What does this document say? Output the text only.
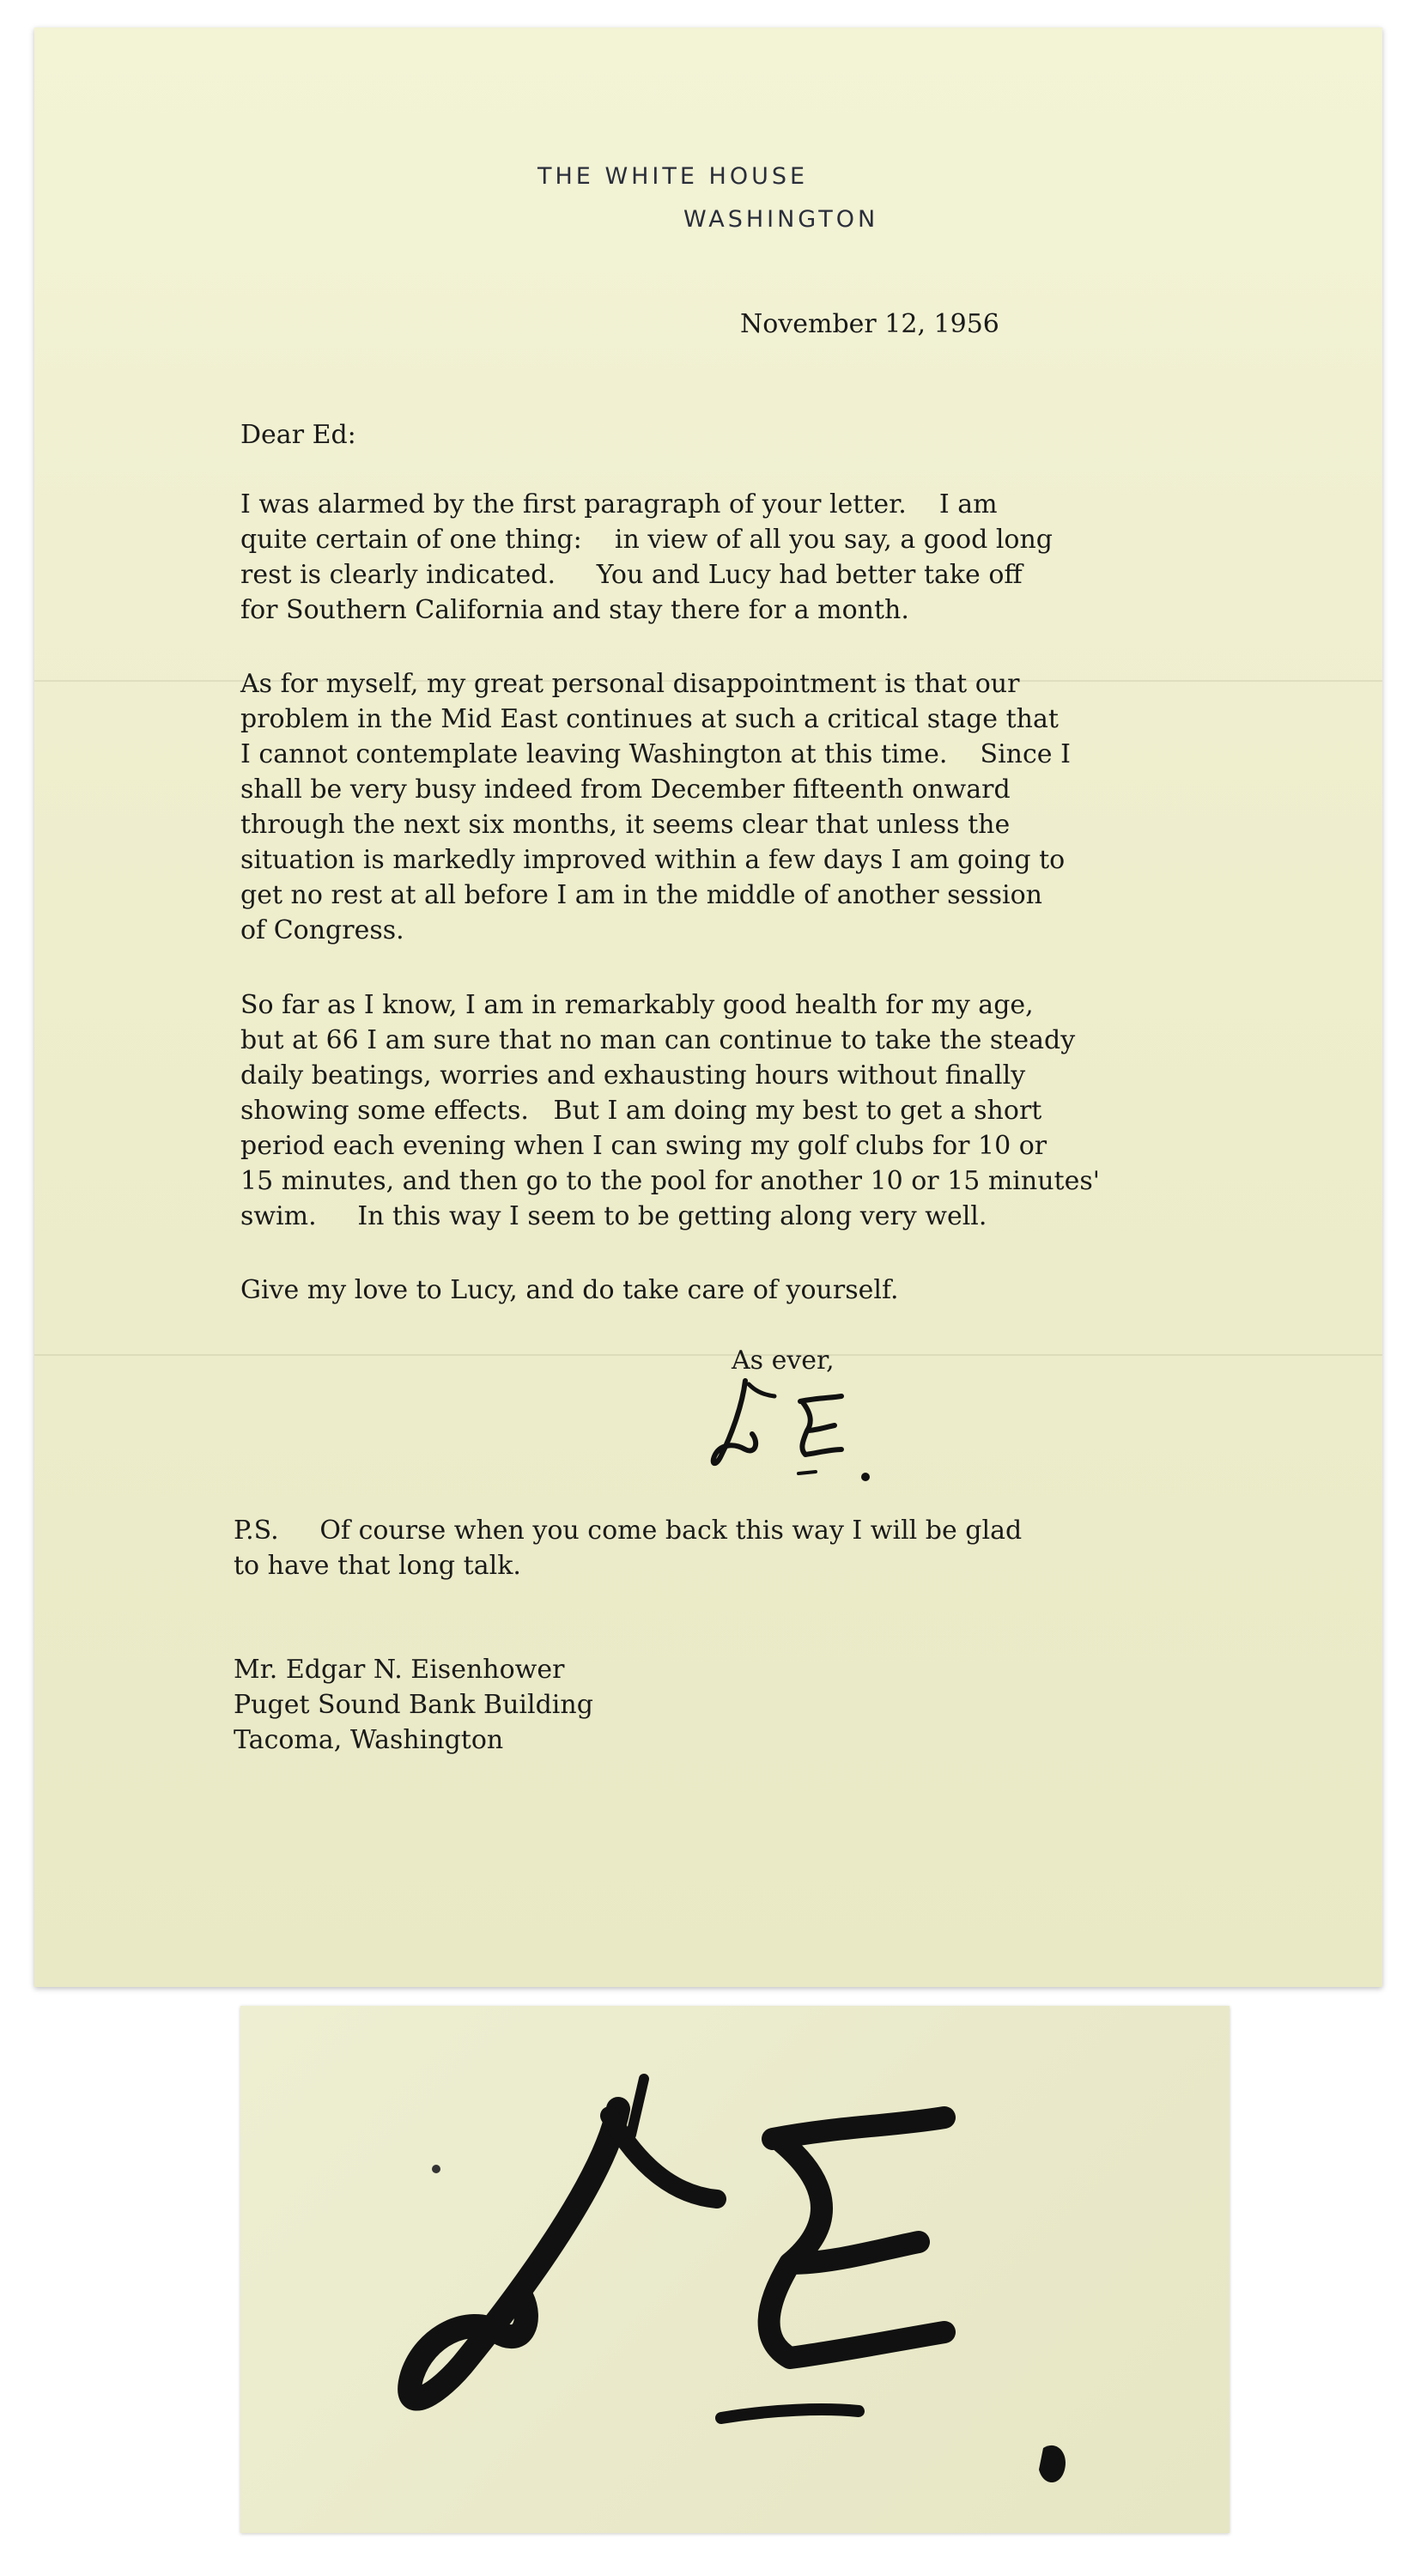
THE WHITE HOUSE
WASHINGTON
November 12, 1956
Dear Ed:
I was alarmed by the first paragraph of your letter.    I am
quite certain of one thing:    in view of all you say, a good long
rest is clearly indicated.     You and Lucy had better take off
for Southern California and stay there for a month.
As for myself, my great personal disappointment is that our
problem in the Mid East continues at such a critical stage that
I cannot contemplate leaving Washington at this time.    Since I
shall be very busy indeed from December fifteenth onward
through the next six months, it seems clear that unless the
situation is markedly improved within a few days I am going to
get no rest at all before I am in the middle of another session
of Congress.
So far as I know, I am in remarkably good health for my age,
but at 66 I am sure that no man can continue to take the steady
daily beatings, worries and exhausting hours without finally
showing some effects.   But I am doing my best to get a short
period each evening when I can swing my golf clubs for 10 or
15 minutes, and then go to the pool for another 10 or 15 minutes'
swim.     In this way I seem to be getting along very well.
Give my love to Lucy, and do take care of yourself.
As ever,
P.S.     Of course when you come back this way I will be glad
to have that long talk.
Mr. Edgar N. Eisenhower
Puget Sound Bank Building
Tacoma, Washington
